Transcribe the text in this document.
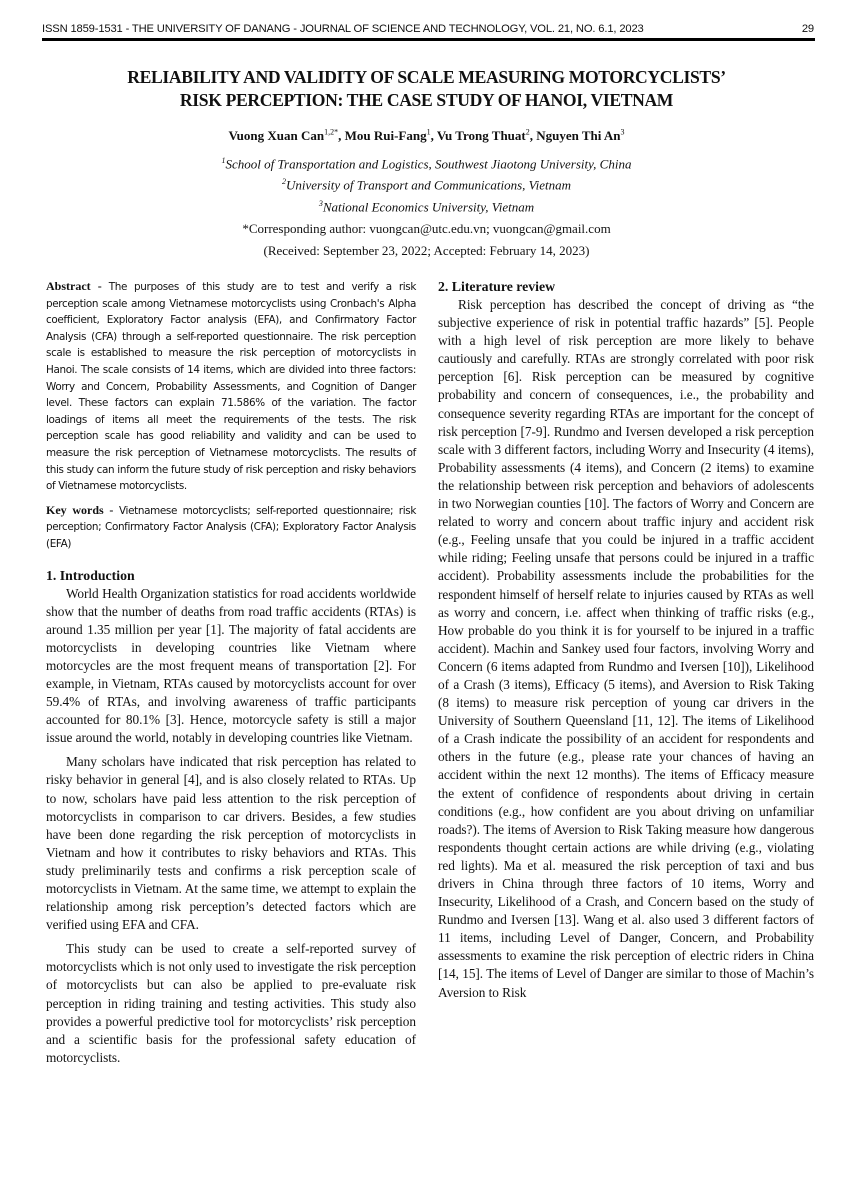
ISSN 1859-1531 - THE UNIVERSITY OF DANANG - JOURNAL OF SCIENCE AND TECHNOLOGY, VOL. 21, NO. 6.1, 2023	29
RELIABILITY AND VALIDITY OF SCALE MEASURING MOTORCYCLISTS’
RISK PERCEPTION: THE CASE STUDY OF HANOI, VIETNAM
Vuong Xuan Can$^{1,2*}$, Mou Rui-Fang$^1$, Vu Trong Thuat$^2$, Nguyen Thi An$^3$
$^1$School of Transportation and Logistics, Southwest Jiaotong University, China
$^2$University of Transport and Communications, Vietnam
$^3$National Economics University, Vietnam
*Corresponding author: vuongcan@utc.edu.vn; vuongcan@gmail.com
(Received: September 23, 2022; Accepted: February 14, 2023)

Abstract - The purposes of this study are to test and verify a risk perception scale among Vietnamese motorcyclists using Cronbach's Alpha coefficient, Exploratory Factor analysis (EFA), and Confirmatory Factor Analysis (CFA) through a self-reported questionnaire. The risk perception scale is established to measure the risk perception of motorcyclists in Hanoi. The scale consists of 14 items, which are divided into three factors: Worry and Concern, Probability Assessments, and Cognition of Danger level. These factors can explain 71.586% of the variation. The factor loadings of items all meet the requirements of the tests. The risk perception scale has good reliability and validity and can be used to measure the risk perception of Vietnamese motorcyclists. The results of this study can inform the future study of risk perception and risky behaviors of Vietnamese motorcyclists.

Key words - Vietnamese motorcyclists; self-reported questionnaire; risk perception; Confirmatory Factor Analysis (CFA); Exploratory Factor Analysis (EFA)

1. Introduction

World Health Organization statistics for road accidents worldwide show that the number of deaths from road traffic accidents (RTAs) is around 1.35 million per year [1]. The majority of fatal accidents are motorcyclists in developing countries like Vietnam where motorcycles are the most frequent means of transportation [2]. For example, in Vietnam, RTAs caused by motorcyclists account for over 59.4% of RTAs, and involving awareness of traffic participants accounted for 80.1% [3]. Hence, motorcycle safety is still a major issue around the world, notably in developing countries like Vietnam.

Many scholars have indicated that risk perception has related to risky behavior in general [4], and is also closely related to RTAs. Up to now, scholars have paid less attention to the risk perception of motorcyclists in comparison to car drivers. Besides, a few studies have been done regarding the risk perception of motorcyclists in Vietnam and how it contributes to risky behaviors and RTAs. This study preliminarily tests and confirms a risk perception scale of motorcyclists in Vietnam. At the same time, we attempt to explain the relationship among risk perception’s detected factors which are verified using EFA and CFA.

This study can be used to create a self-reported survey of motorcyclists which is not only used to investigate the risk perception of motorcyclists but can also be applied to pre-evaluate risk perception in riding training and testing activities. This study also provides a powerful predictive tool for motorcyclists’ risk perception and a scientific basis for the professional safety education of motorcyclists.

2. Literature review

Risk perception has described the concept of driving as “the subjective experience of risk in potential traffic hazards” [5]. People with a high level of risk perception are more likely to behave cautiously and carefully. RTAs are strongly correlated with poor risk perception [6]. Risk perception can be measured by cognitive probability and concern of consequences, i.e., the probability and consequence severity regarding RTAs are important for the concept of risk perception [7-9]. Rundmo and Iversen developed a risk perception scale with 3 different factors, including Worry and Insecurity (4 items), Probability assessments (4 items), and Concern (2 items) to examine the relationship between risk perception and behaviors of adolescents in two Norwegian counties [10]. The factors of Worry and Concern are related to worry and concern about traffic injury and accident risk (e.g., Feeling unsafe that you could be injured in a traffic accident while riding; Feeling unsafe that persons could be injured in a traffic accident). Probability assessments include the probabilities for the respondent himself of herself relate to injuries caused by RTAs as well as worry and concern, i.e. affect when thinking of traffic risks (e.g., How probable do you think it is for yourself to be injured in a traffic accident). Machin and Sankey used four factors, involving Worry and Concern (6 items adapted from Rundmo and Iversen [10]), Likelihood of a Crash (3 items), Efficacy (5 items), and Aversion to Risk Taking (8 items) to measure risk perception of young car drivers in the University of Southern Queensland [11, 12]. The items of Likelihood of a Crash indicate the possibility of an accident for respondents and others in the future (e.g., please rate your chances of having an accident within the next 12 months). The items of Efficacy measure the extent of confidence of respondents about driving in certain conditions (e.g., how confident are you about driving on unfamiliar roads?). The items of Aversion to Risk Taking measure how dangerous respondents thought certain actions are while driving (e.g., violating red lights). Ma et al. measured the risk perception of taxi and bus drivers in China through three factors of 10 items, Worry and Insecurity, Likelihood of a Crash, and Concern based on the study of Rundmo and Iversen [13]. Wang et al. also used 3 different factors of 11 items, including Level of Danger, Concern, and Probability assessments to examine the risk perception of electric riders in China [14, 15]. The items of Level of Danger are similar to those of Machin’s Aversion to Risk
